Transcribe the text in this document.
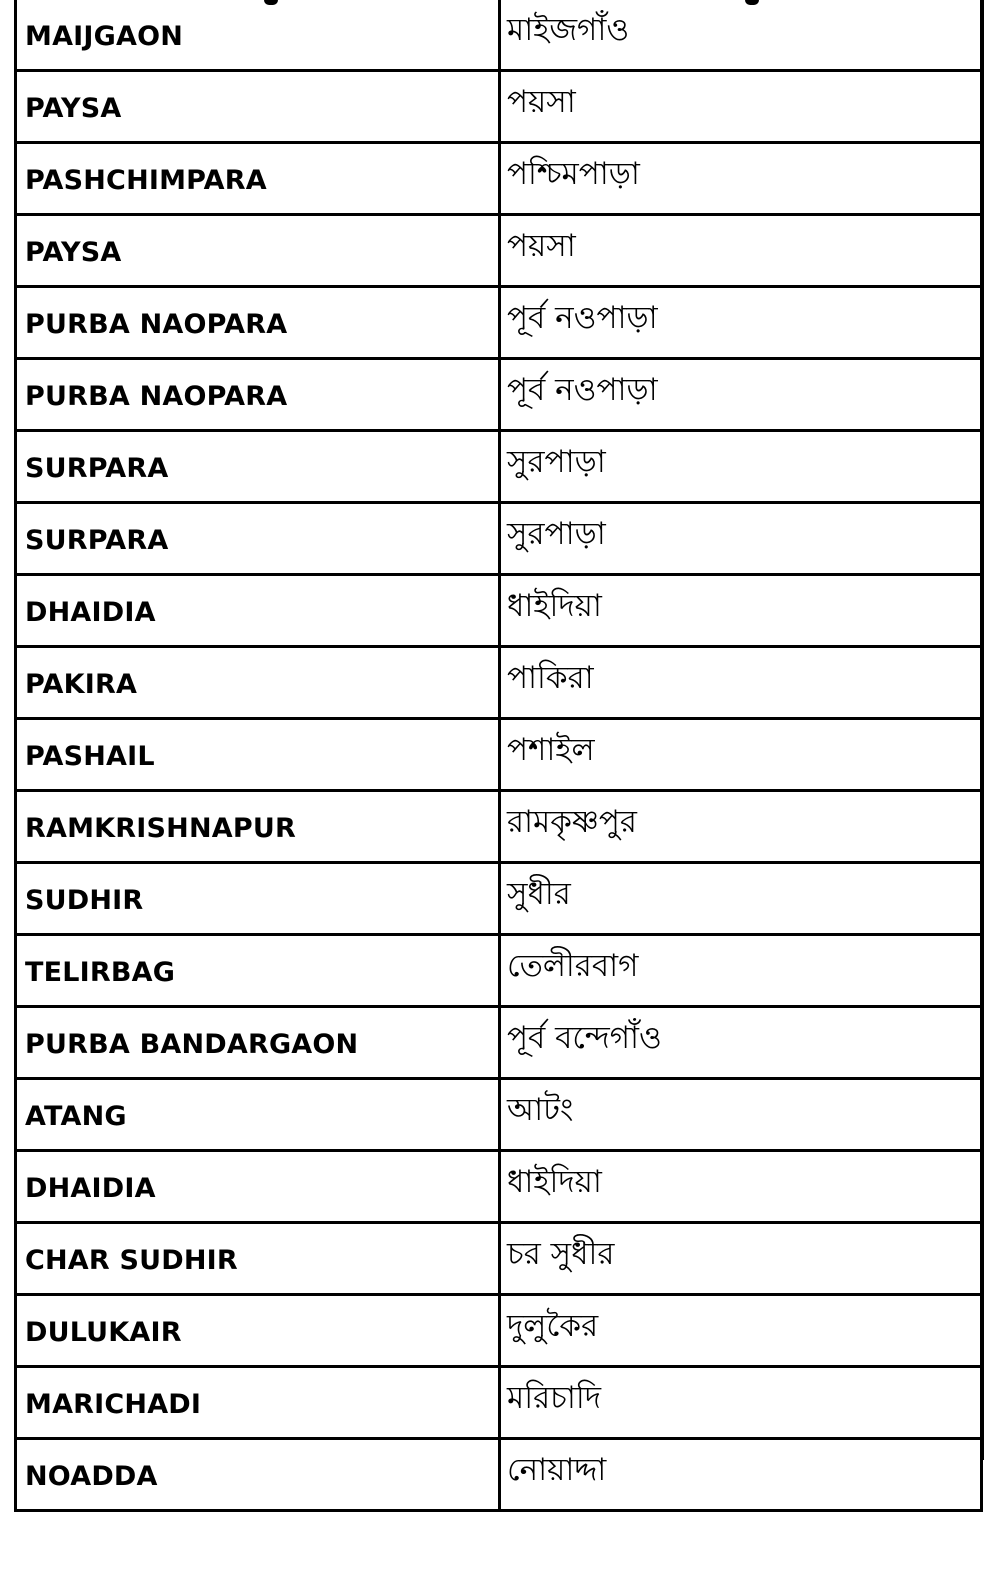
MAIJGAON	মাইজগাঁও
PAYSA	পয়সা
PASHCHIMPARA	পশ্চিমপাড়া
PAYSA	পয়সা
PURBA NAOPARA	পূর্ব নওপাড়া
PURBA NAOPARA	পূর্ব নওপাড়া
SURPARA	সুরপাড়া
SURPARA	সুরপাড়া
DHAIDIA	ধাইদিয়া
PAKIRA	পাকিরা
PASHAIL	পশাইল
RAMKRISHNAPUR	রামকৃষ্ণপুর
SUDHIR	সুধীর
TELIRBAG	তেলীরবাগ
PURBA BANDARGAON	পূর্ব বন্দেগাঁও
ATANG	আটং
DHAIDIA	ধাইদিয়া
CHAR SUDHIR	চর সুধীর
DULUKAIR	দুলুকৈর
MARICHADI	মরিচাদি
NOADDA	নোয়াদ্দা
